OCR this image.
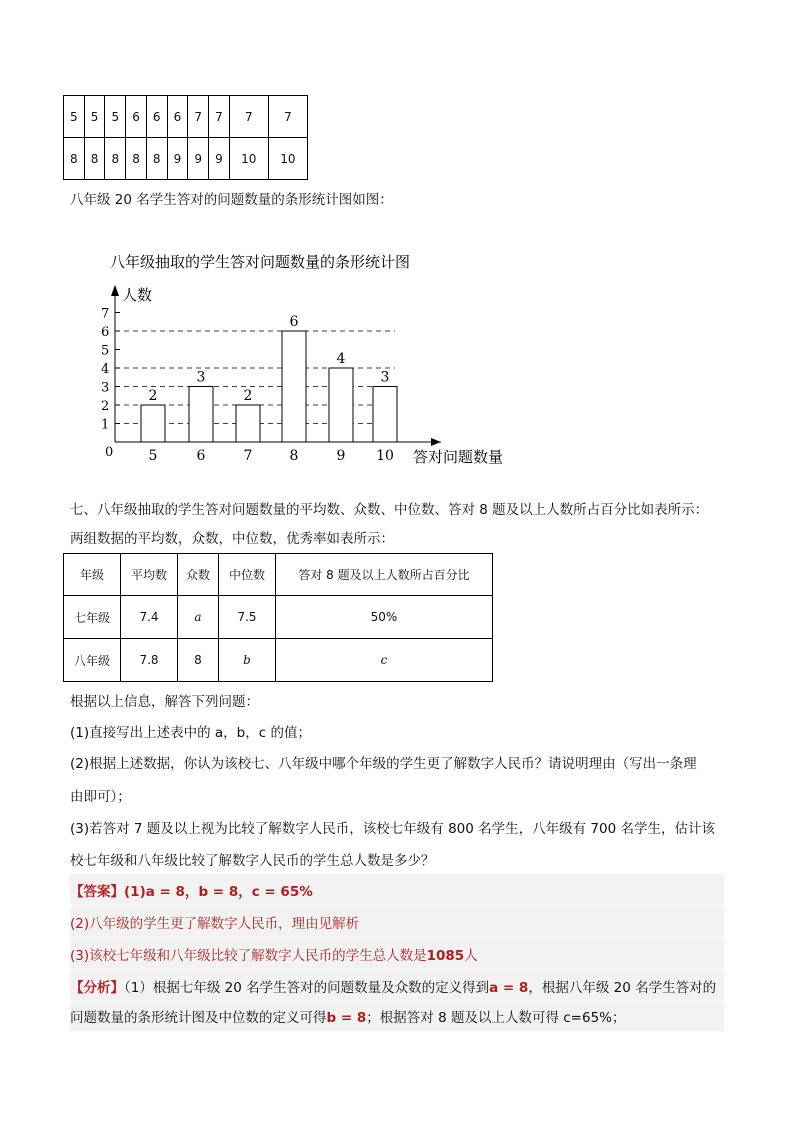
5	5	5	6	6	6	7	7	7	7
8	8	8	8	8	9	9	9	10	10
八年级 20 名学生答对的问题数量的条形统计图如图：
八年级抽取的学生答对问题数量的条形统计图
1
2
3
4
5
6
7
2
5
3
6
2
7
6
8
4
9
3
10
人数
答对问题数量
0
七、八年级抽取的学生答对问题数量的平均数、众数、中位数、答对 8 题及以上人数所占百分比如表所示：
两组数据的平均数，众数，中位数，优秀率如表所示：
年级	平均数	众数	中位数	答对 8 题及以上人数所占百分比
七年级	7.4	a	7.5	50%
八年级	7.8	8	b	c
根据以上信息，解答下列问题：
(1)直接写出上述表中的 a，b，c 的值；
(2)根据上述数据，你认为该校七、八年级中哪个年级的学生更了解数字人民币？请说明理由（写出一条理
由即可）；
(3)若答对 7 题及以上视为比较了解数字人民币，该校七年级有 800 名学生，八年级有 700 名学生，估计该
校七年级和八年级比较了解数字人民币的学生总人数是多少？
【答案】(1)a = 8，b = 8，c = 65%
(2)八年级的学生更了解数字人民币，理由见解析
(3)该校七年级和八年级比较了解数字人民币的学生总人数是1085人
【分析】（1）根据七年级 20 名学生答对的问题数量及众数的定义得到a = 8，根据八年级 20 名学生答对的
问题数量的条形统计图及中位数的定义可得b = 8；根据答对 8 题及以上人数可得 c=65%；
